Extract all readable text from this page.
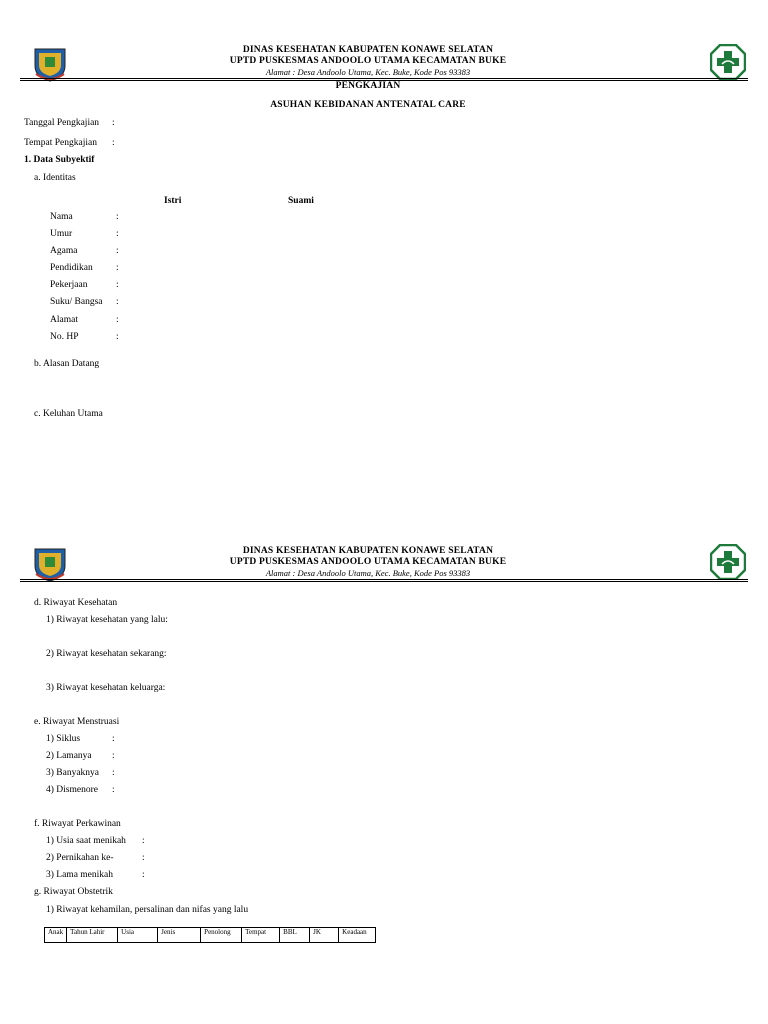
DINAS KESEHATAN KABUPATEN KONAWE SELATAN
UPTD PUSKESMAS ANDOOLO UTAMA KECAMATAN BUKE
Alamat : Desa Andoolo Utama, Kec. Buke, Kode Pos 93383
PENGKAJIAN
ASUHAN KEBIDANAN ANTENATAL CARE
Tanggal Pengkajian :
Tempat Pengkajian :
1. Data Subyektif
a. Identitas
Istri	Suami
Nama	:
Umur	:
Agama	:
Pendidikan :
Pekerjaan	:
Suku/ Bangsa :
Alamat	:
No. HP	:
b. Alasan Datang
c. Keluhan Utama
DINAS KESEHATAN KABUPATEN KONAWE SELATAN
UPTD PUSKESMAS ANDOOLO UTAMA KECAMATAN BUKE
Alamat : Desa Andoolo Utama, Kec. Buke, Kode Pos 93383
d. Riwayat Kesehatan
1) Riwayat kesehatan yang lalu:
2) Riwayat kesehatan sekarang:
3) Riwayat kesehatan keluarga:
e. Riwayat Menstruasi
1) Siklus	:
2) Lamanya :
3) Banyaknya :
4) Dismenore :
f. Riwayat Perkawinan
1) Usia saat menikah :
2) Pernikahan ke-	:
3) Lama menikah	:
g. Riwayat Obstetrik
1) Riwayat kehamilan, persalinan dan nifas yang lalu
Anak	Tahun Lahir	Usia	Jenis	Penolong	Tempat	BBL	JK	Keadaan
